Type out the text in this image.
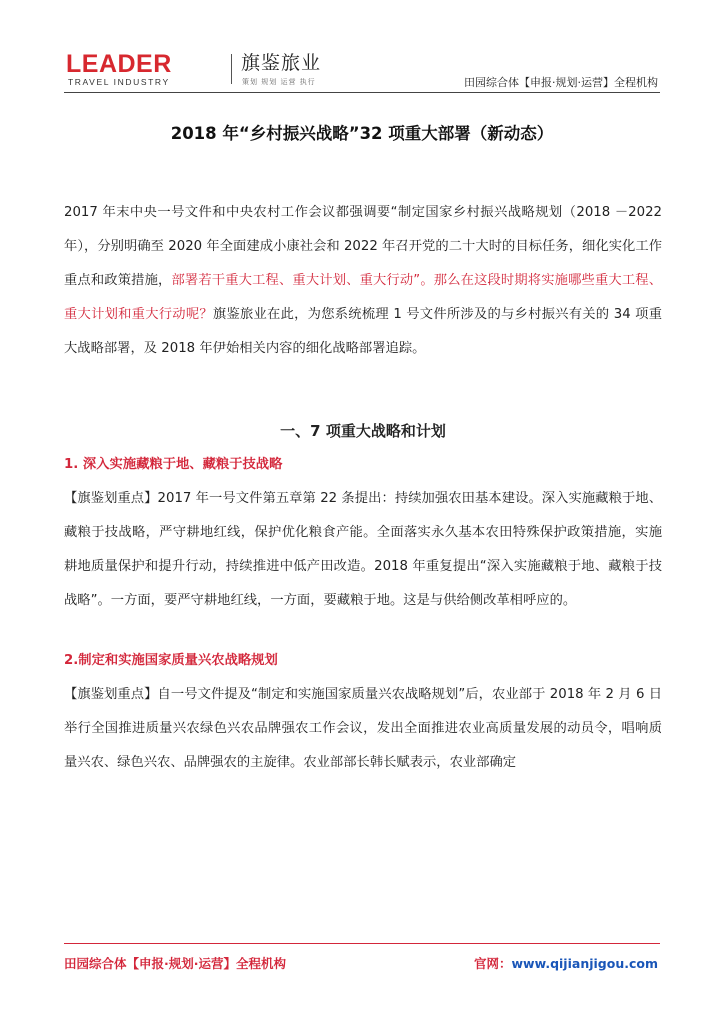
LEADER
TRAVEL INDUSTRY
旗鉴旅业
策划 规划 运营 执行	田园综合体【申报·规划·运营】全程机构
2018 年“乡村振兴战略”32 项重大部署（新动态）

2017 年末中央一号文件和中央农村工作会议都强调要“制定国家乡村振兴战略规划（2018 －2022 年），分别明确至 2020 年全面建成小康社会和 2022 年召开党的二十大时的目标任务，细化实化工作重点和政策措施，部署若干重大工程、重大计划、重大行动”。那么在这段时期将实施哪些重大工程、重大计划和重大行动呢？旗鉴旅业在此，为您系统梳理 1 号文件所涉及的与乡村振兴有关的 34 项重大战略部署，及 2018 年伊始相关内容的细化战略部署追踪。

一、7 项重大战略和计划
1. 深入实施藏粮于地、藏粮于技战略

【旗鉴划重点】2017 年一号文件第五章第 22 条提出：持续加强农田基本建设。深入实施藏粮于地、藏粮于技战略，严守耕地红线，保护优化粮食产能。全面落实永久基本农田特殊保护政策措施，实施耕地质量保护和提升行动，持续推进中低产田改造。2018 年重复提出“深入实施藏粮于地、藏粮于技战略”。一方面，要严守耕地红线，一方面，要藏粮于地。这是与供给侧改革相呼应的。

2.制定和实施国家质量兴农战略规划

【旗鉴划重点】自一号文件提及“制定和实施国家质量兴农战略规划”后，农业部于 2018 年 2 月 6 日举行全国推进质量兴农绿色兴农品牌强农工作会议，发出全面推进农业高质量发展的动员令，唱响质量兴农、绿色兴农、品牌强农的主旋律。农业部部长韩长赋表示，农业部确定

田园综合体【申报·规划·运营】全程机构	官网：www.qijianjigou.com
